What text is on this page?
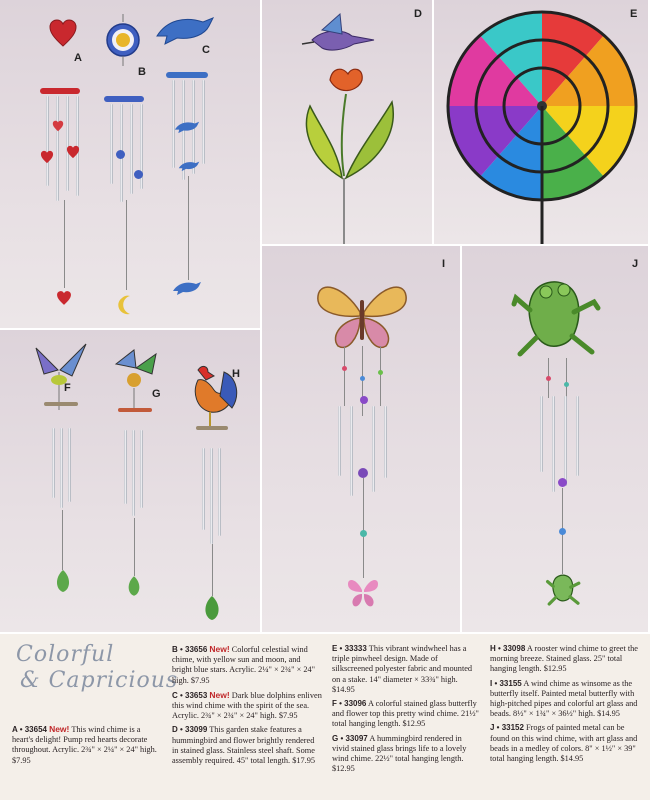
A
B
C
D	E
F	G
H
I	J
Colorful
& Capricious

A • 33654 New! This wind chime is a heart's delight! Pump red hearts decorate throughout. Acrylic. 2¾" × 2¼" × 24" high. $7.95

B • 33656 New! Colorful celestial wind chime, with yellow sun and moon, and bright blue stars. Acrylic. 2¼" × 2¾" × 24" high. $7.95

C • 33653 New! Dark blue dolphins enliven this wind chime with the spirit of the sea. Acrylic. 2¾" × 2¾" × 24" high. $7.95

D • 33099 This garden stake features a hummingbird and flower brightly rendered in stained glass. Stainless steel shaft. Some assembly required. 45" total length. $17.95

E • 33333 This vibrant windwheel has a triple pinwheel design. Made of silkscreened polyester fabric and mounted on a stake. 14" diameter × 33¾" high. $14.95

F • 33096 A colorful stained glass butterfly and flower top this pretty wind chime. 21½" total hanging length. $12.95

G • 33097 A hummingbird rendered in vivid stained glass brings life to a lovely wind chime. 22½" total hanging length. $12.95

H • 33098 A rooster wind chime to greet the morning breeze. Stained glass. 25" total hanging length. $12.95

I • 33155 A wind chime as winsome as the butterfly itself. Painted metal butterfly with high-pitched pipes and colorful art glass and beads. 8½" × 1¾" × 36½" high. $14.95

J • 33152 Frogs of painted metal can be found on this wind chime, with art glass and beads in a medley of colors. 8" × 1½" × 39" total hanging length. $14.95
